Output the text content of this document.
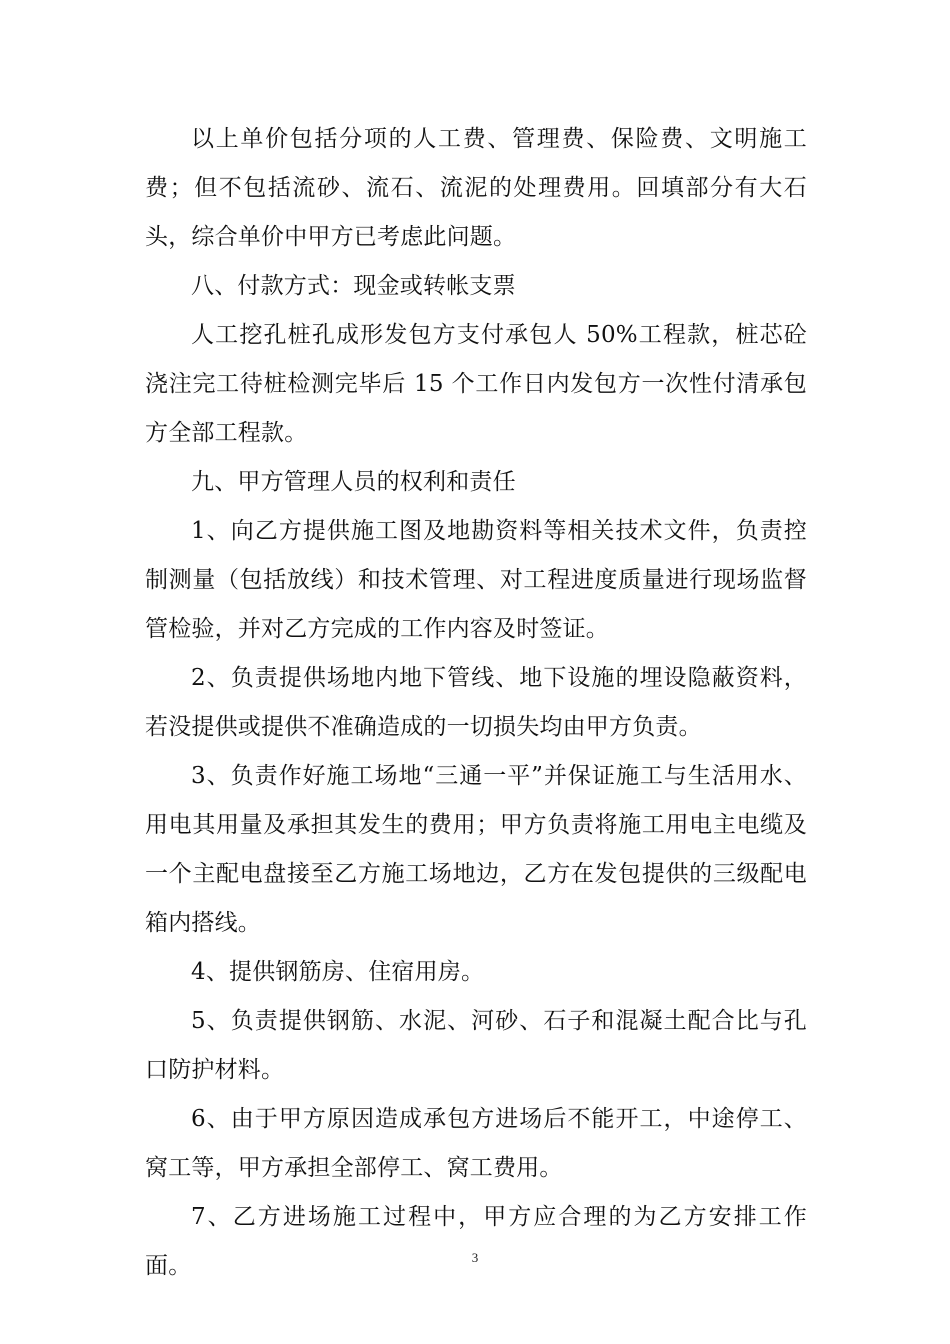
以上单价包括分项的人工费、管理费、保险费、文明施工费；但不包括流砂、流石、流泥的处理费用。回填部分有大石头，综合单价中甲方已考虑此问题。

八、付款方式：现金或转帐支票

人工挖孔桩孔成形发包方支付承包人 50%工程款，桩芯砼浇注完工待桩检测完毕后 15 个工作日内发包方一次性付清承包方全部工程款。

九、甲方管理人员的权利和责任

1、向乙方提供施工图及地勘资料等相关技术文件，负责控制测量（包括放线）和技术管理、对工程进度质量进行现场监督管检验，并对乙方完成的工作内容及时签证。

2、负责提供场地内地下管线、地下设施的埋设隐蔽资料，若没提供或提供不准确造成的一切损失均由甲方负责。

3、负责作好施工场地“三通一平”并保证施工与生活用水、用电其用量及承担其发生的费用；甲方负责将施工用电主电缆及一个主配电盘接至乙方施工场地边，乙方在发包提供的三级配电箱内搭线。

4、提供钢筋房、住宿用房。

5、负责提供钢筋、水泥、河砂、石子和混凝土配合比与孔口防护材料。

6、由于甲方原因造成承包方进场后不能开工，中途停工、窝工等，甲方承担全部停工、窝工费用。

7、乙方进场施工过程中，甲方应合理的为乙方安排工作面。	3
